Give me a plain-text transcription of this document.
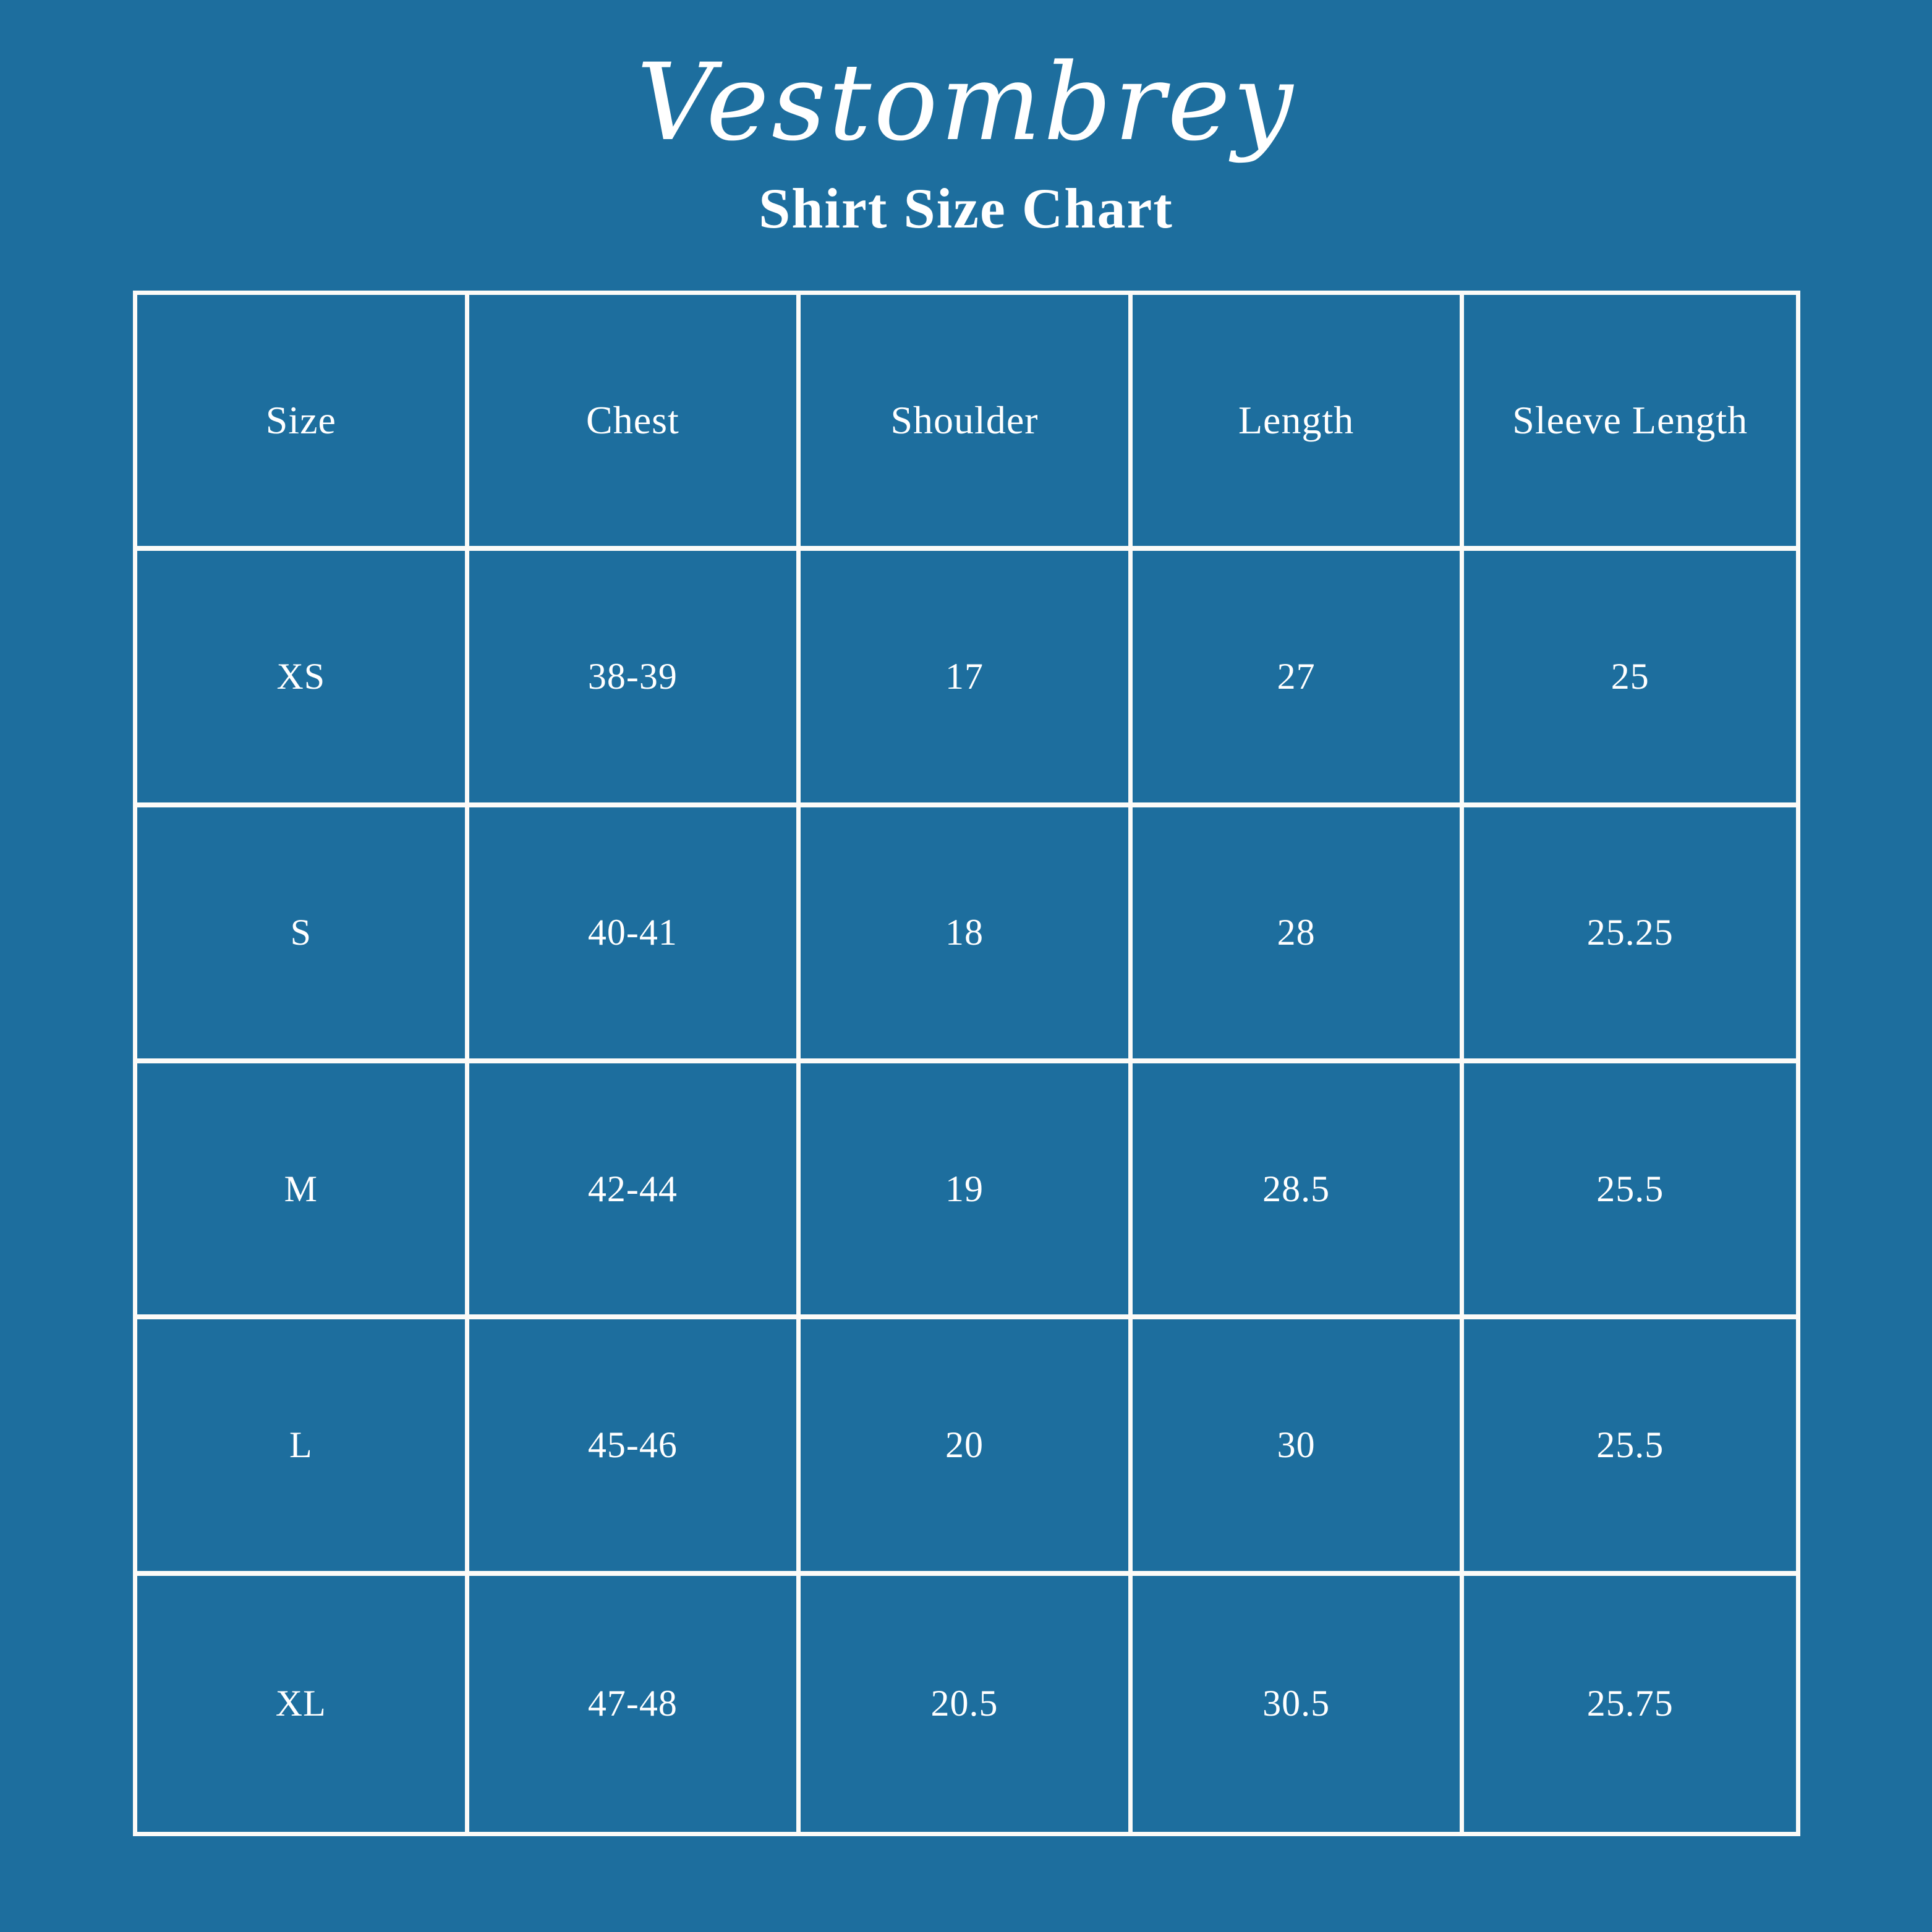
Vestombrey
Shirt Size Chart
Size	Chest	Shoulder	Length	Sleeve Length
XS	38-39	17	27	25
S	40-41	18	28	25.25
M	42-44	19	28.5	25.5
L	45-46	20	30	25.5
XL	47-48	20.5	30.5	25.75
